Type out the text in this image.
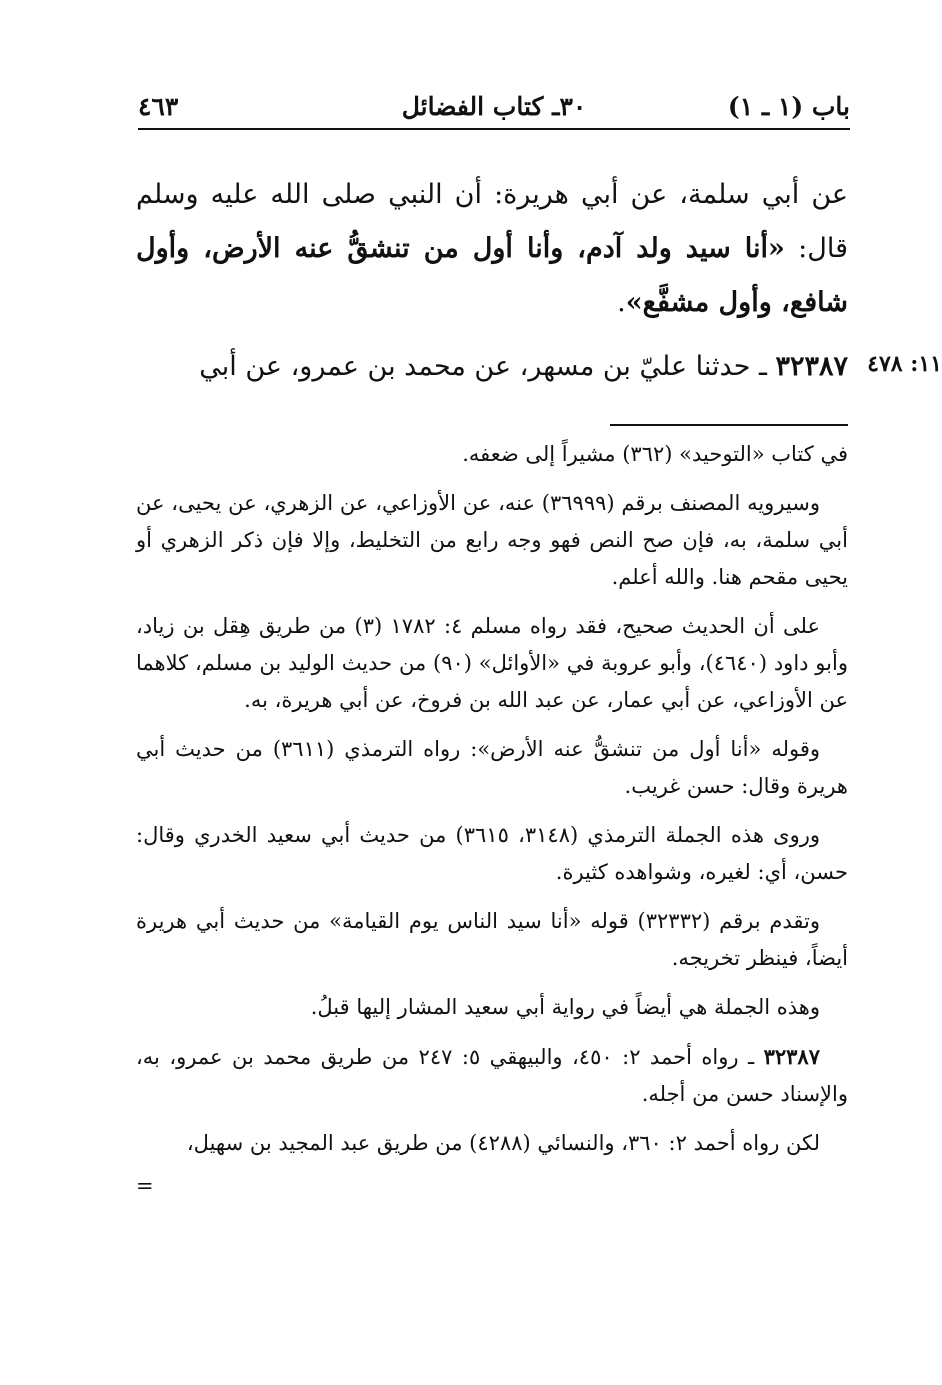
باب (١ ـ ١)
٣٠ـ كتاب الفضائل
٤٦٣
عن أبي سلمة، عن أبي هريرة: أن النبي صلى الله عليه وسلم قال: «أنا سيد ولد آدم، وأنا أول من تنشقُّ عنه الأرض، وأول شافع، وأول مشفَّع».
١١: ٤٧٨
٣٢٣٨٧ ـ حدثنا عليّ بن مسهر، عن محمد بن عمرو، عن أبي

في كتاب «التوحيد» (٣٦٢) مشيراً إلى ضعفه.

وسيرويه المصنف برقم (٣٦٩٩٩) عنه، عن الأوزاعي، عن الزهري، عن يحيى، عن أبي سلمة، به، فإن صح النص فهو وجه رابع من التخليط، وإلا فإن ذكر الزهري أو يحيى مقحم هنا. والله أعلم.

على أن الحديث صحيح، فقد رواه مسلم ٤: ١٧٨٢ (٣) من طريق هِقل بن زياد، وأبو داود (٤٦٤٠)، وأبو عروبة في «الأوائل» (٩٠) من حديث الوليد بن مسلم، كلاهما عن الأوزاعي، عن أبي عمار، عن عبد الله بن فروخ، عن أبي هريرة، به.

وقوله «أنا أول من تنشقُّ عنه الأرض»: رواه الترمذي (٣٦١١) من حديث أبي هريرة وقال: حسن غريب.

وروى هذه الجملة الترمذي (٣١٤٨، ٣٦١٥) من حديث أبي سعيد الخدري وقال: حسن، أي: لغيره، وشواهده كثيرة.

وتقدم برقم (٣٢٣٣٢) قوله «أنا سيد الناس يوم القيامة» من حديث أبي هريرة أيضاً، فينظر تخريجه.

وهذه الجملة هي أيضاً في رواية أبي سعيد المشار إليها قبلُ.

٣٢٣٨٧ ـ رواه أحمد ٢: ٤٥٠، والبيهقي ٥: ٢٤٧ من طريق محمد بن عمرو، به، والإسناد حسن من أجله.

لكن رواه أحمد ٢: ٣٦٠، والنسائي (٤٢٨٨) من طريق عبد المجيد بن سهيل،

=
